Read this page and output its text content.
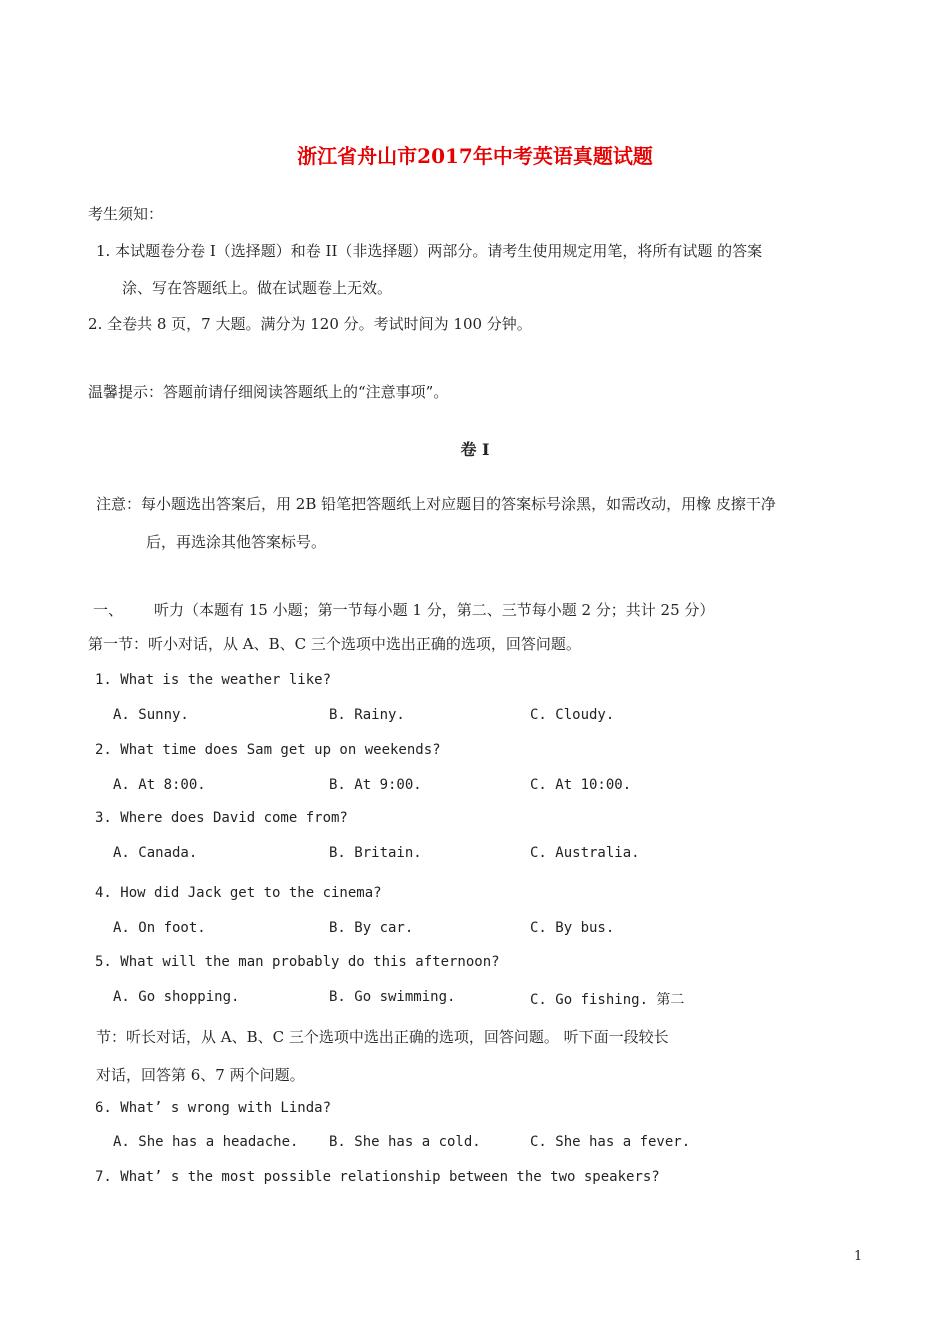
浙江省舟山市2017年中考英语真题试题
考生须知：
1. 本试题卷分卷 I（选择题）和卷 II（非选择题）两部分。请考生使用规定用笔，将所有试题 的答案
涂、写在答题纸上。做在试题卷上无效。
2. 全卷共 8 页，7 大题。满分为 120 分。考试时间为 100 分钟。
温馨提示：答题前请仔细阅读答题纸上的“注意事项”。
卷 I
注意：每小题选出答案后，用 2B 铅笔把答题纸上对应题目的答案标号涂黑，如需改动，用橡 皮擦干净
后，再选涂其他答案标号。
一、 听力（本题有 15 小题；第一节每小题 1 分，第二、三节每小题 2 分；共计 25 分）
第一节：听小对话，从 A、B、C 三个选项中选出正确的选项，回答问题。
1. What is the weather like?
A. Sunny.	B. Rainy.	C. Cloudy.
2. What time does Sam get up on weekends?
A. At 8:00.	B. At 9:00.	C. At 10:00.
3. Where does David come from?
A. Canada.	B. Britain.	C. Australia.
4. How did Jack get to the cinema?
A. On foot.	B. By car.	C. By bus.
5. What will the man probably do this afternoon?
A. Go shopping.	B. Go swimming.	C. Go fishing. 第二
节：听长对话，从 A、B、C 三个选项中选出正确的选项，回答问题。 听下面一段较长
对话，回答第 6、7 两个问题。
6. What’ s wrong with Linda?
A. She has a headache. B. She has a cold.	C. She has a fever.
7. What’ s the most possible relationship between the two speakers?
1
